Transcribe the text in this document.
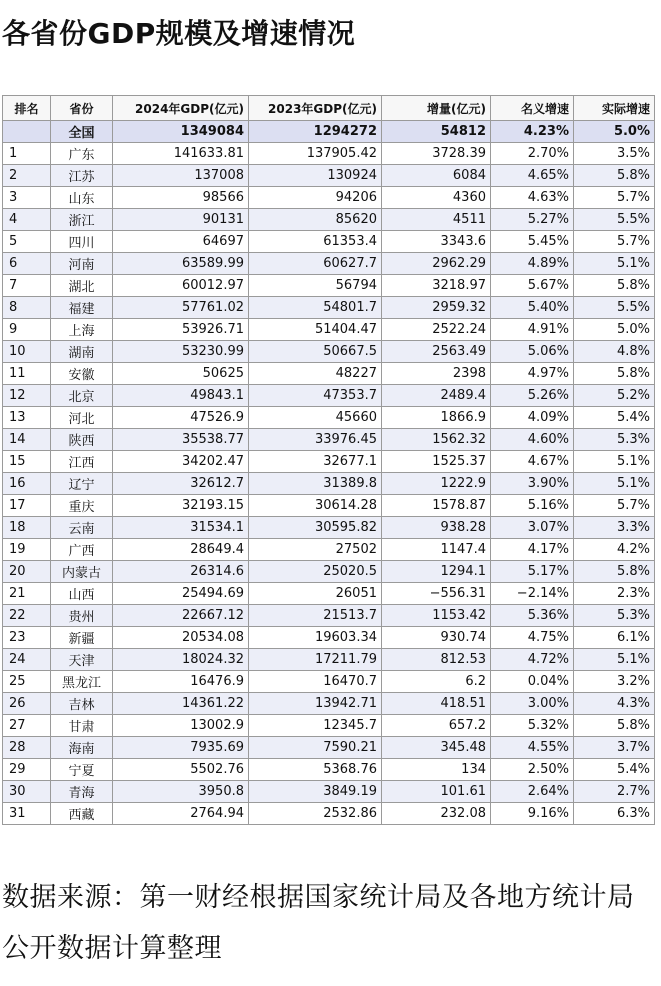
各省份GDP规模及增速情况
排名	省份	2024年GDP(亿元)	2023年GDP(亿元)	增量(亿元)	名义增速	实际增速
	全国	1349084	1294272	54812	4.23%	5.0%
1	广东	141633.81	137905.42	3728.39	2.70%	3.5%
2	江苏	137008	130924	6084	4.65%	5.8%
3	山东	98566	94206	4360	4.63%	5.7%
4	浙江	90131	85620	4511	5.27%	5.5%
5	四川	64697	61353.4	3343.6	5.45%	5.7%
6	河南	63589.99	60627.7	2962.29	4.89%	5.1%
7	湖北	60012.97	56794	3218.97	5.67%	5.8%
8	福建	57761.02	54801.7	2959.32	5.40%	5.5%
9	上海	53926.71	51404.47	2522.24	4.91%	5.0%
10	湖南	53230.99	50667.5	2563.49	5.06%	4.8%
11	安徽	50625	48227	2398	4.97%	5.8%
12	北京	49843.1	47353.7	2489.4	5.26%	5.2%
13	河北	47526.9	45660	1866.9	4.09%	5.4%
14	陕西	35538.77	33976.45	1562.32	4.60%	5.3%
15	江西	34202.47	32677.1	1525.37	4.67%	5.1%
16	辽宁	32612.7	31389.8	1222.9	3.90%	5.1%
17	重庆	32193.15	30614.28	1578.87	5.16%	5.7%
18	云南	31534.1	30595.82	938.28	3.07%	3.3%
19	广西	28649.4	27502	1147.4	4.17%	4.2%
20	内蒙古	26314.6	25020.5	1294.1	5.17%	5.8%
21	山西	25494.69	26051	−556.31	−2.14%	2.3%
22	贵州	22667.12	21513.7	1153.42	5.36%	5.3%
23	新疆	20534.08	19603.34	930.74	4.75%	6.1%
24	天津	18024.32	17211.79	812.53	4.72%	5.1%
25	黑龙江	16476.9	16470.7	6.2	0.04%	3.2%
26	吉林	14361.22	13942.71	418.51	3.00%	4.3%
27	甘肃	13002.9	12345.7	657.2	5.32%	5.8%
28	海南	7935.69	7590.21	345.48	4.55%	3.7%
29	宁夏	5502.76	5368.76	134	2.50%	5.4%
30	青海	3950.8	3849.19	101.61	2.64%	2.7%
31	西藏	2764.94	2532.86	232.08	9.16%	6.3%
数据来源：第一财经根据国家统计局及各地方统计局公开数据计算整理
